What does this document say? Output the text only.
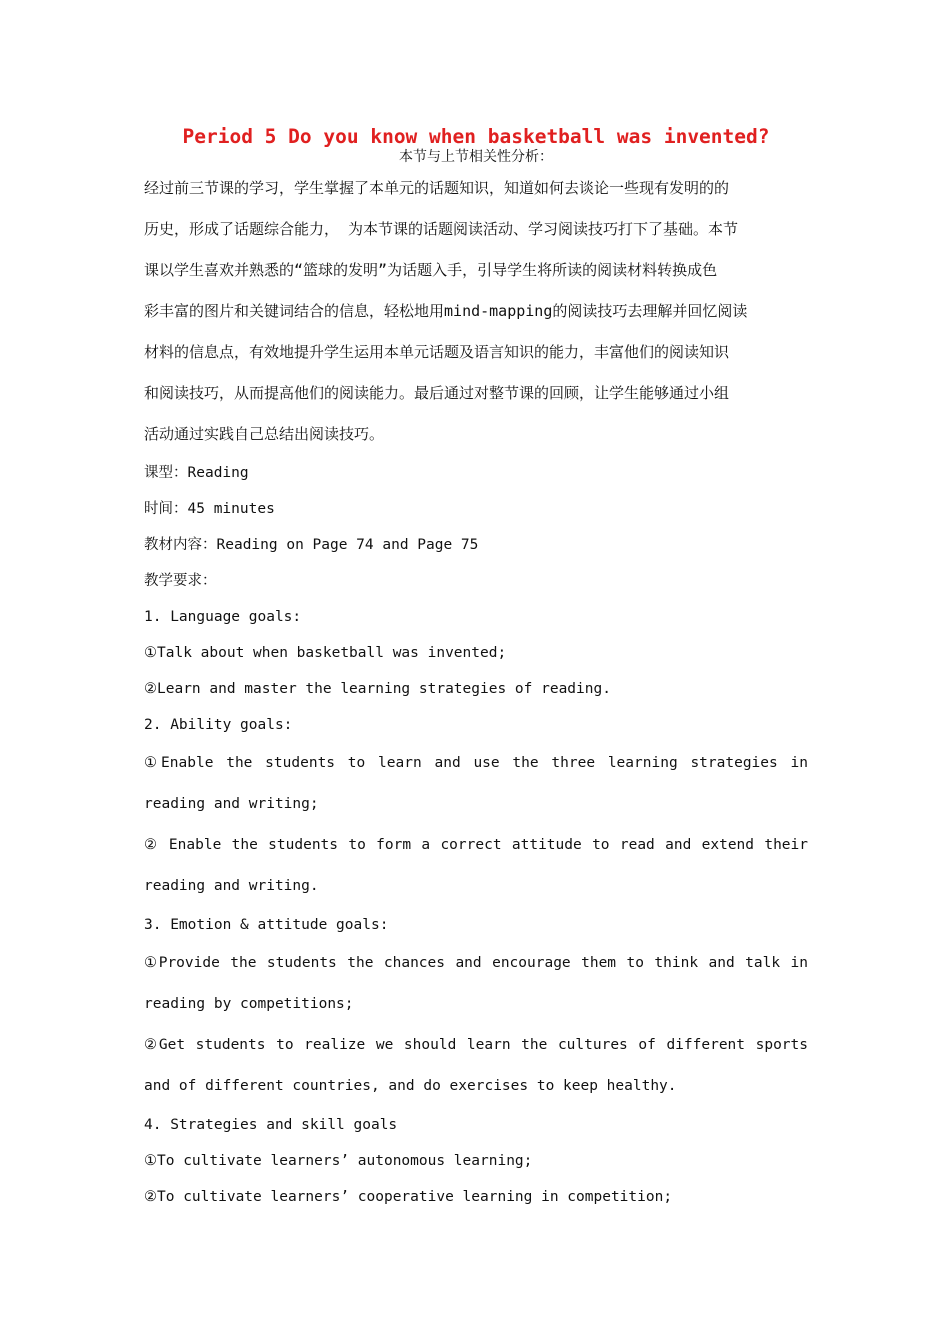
Period 5 Do you know when basketball was invented?
本节与上节相关性分析：

经过前三节课的学习，学生掌握了本单元的话题知识，知道如何去谈论一些现有发明的的

历史，形成了话题综合能力， 为本节课的话题阅读活动、学习阅读技巧打下了基础。本节

课以学生喜欢并熟悉的“篮球的发明”为话题入手，引导学生将所读的阅读材料转换成色

彩丰富的图片和关键词结合的信息，轻松地用mind-mapping的阅读技巧去理解并回忆阅读

材料的信息点，有效地提升学生运用本单元话题及语言知识的能力，丰富他们的阅读知识

和阅读技巧，从而提高他们的阅读能力。最后通过对整节课的回顾，让学生能够通过小组

活动通过实践自己总结出阅读技巧。

课型：Reading
时间：45 minutes
教材内容：Reading on Page 74 and Page 75
教学要求：
1. Language goals:
①Talk about when basketball was invented;
②Learn and master the learning strategies of reading.
2. Ability goals:
①Enable the students to learn and use the three learning strategies in reading and writing;
② Enable the students to form a correct attitude to read and extend their reading and writing.
3. Emotion & attitude goals:
①Provide the students the chances and encourage them to think and talk in reading by competitions;
②Get students to realize we should learn the cultures of different sports and of different countries, and do exercises to keep healthy.
4. Strategies and skill goals
①To cultivate learners’ autonomous learning;
②To cultivate learners’ cooperative learning in competition;
